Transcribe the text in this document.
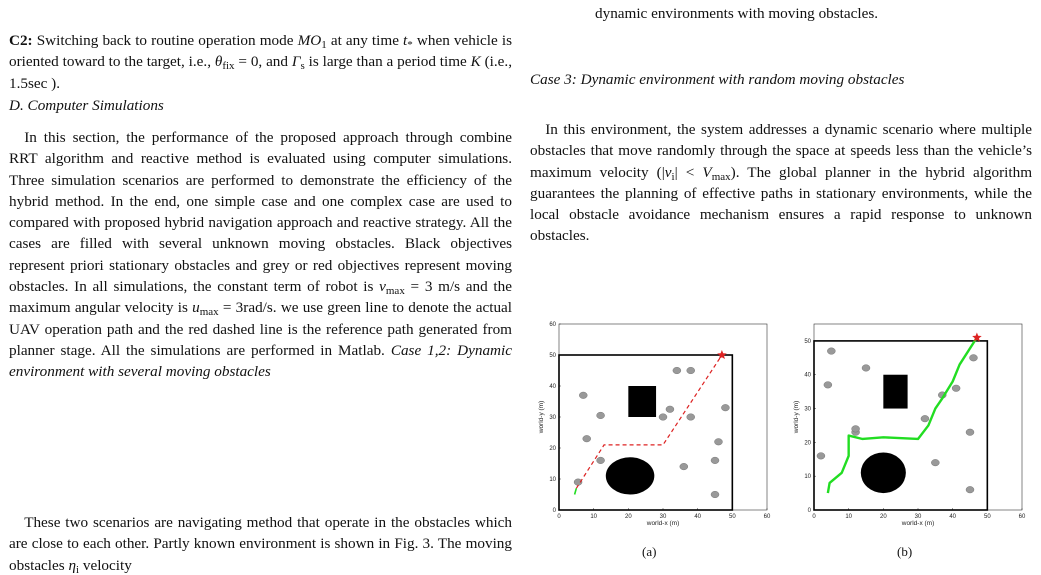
C2: Switching back to routine operation mode $MO_1$ at any time $t_*$ when vehicle is oriented toward to the target, i.e., $\theta_{fix} = 0$, and $\Gamma_s$ is large than a period time K (i.e., 1.5sec ).

D. Computer Simulations

In this section, the performance of the proposed approach through combine RRT algorithm and reactive method is evaluated using computer simulations. Three simulation scenarios are performed to demonstrate the efficiency of the hybrid method. In the end, one simple case and one complex case are used to compared with proposed hybrid navigation approach and reactive strategy. All the cases are filled with several unknown moving obstacles. Black objectives represent priori stationary obstacles and grey or red objectives represent moving obstacles. In all simulations, the constant term of robot is $v_{max} = 3$ m/s and the maximum angular velocity is $u_{max} = 3rad/s$. we use green line to denote the actual UAV operation path and the red dashed line is the reference path generated from planner stage. All the simulations are performed in Matlab. Case 1,2: Dynamic environment with several moving obstacles

These two scenarios are navigating method that operate in the obstacles which are close to each other. Partly known environment is shown in Fig. 3. The moving obstacles $\eta_i$ velocity

dynamic environments with moving obstacles.

Case 3: Dynamic environment with random moving obstacles

In this environment, the system addresses a dynamic scenario where multiple obstacles that move randomly through the space at speeds less than the vehicle’s maximum velocity $(|v_i| < V_{max})$. The global planner in the hybrid algorithm guarantees the planning of effective paths in stationary environments, while the local obstacle avoidance mechanism ensures a rapid response to unknown obstacles.

0	10	20	30	40	50	60
0
10
20
30
40
50
60
world-x (m)
world-y (m)
0	10	20	30	40	50	60
0
10
20
30
40
50
world-x (m)
world-y (m)
(a)	(b)
